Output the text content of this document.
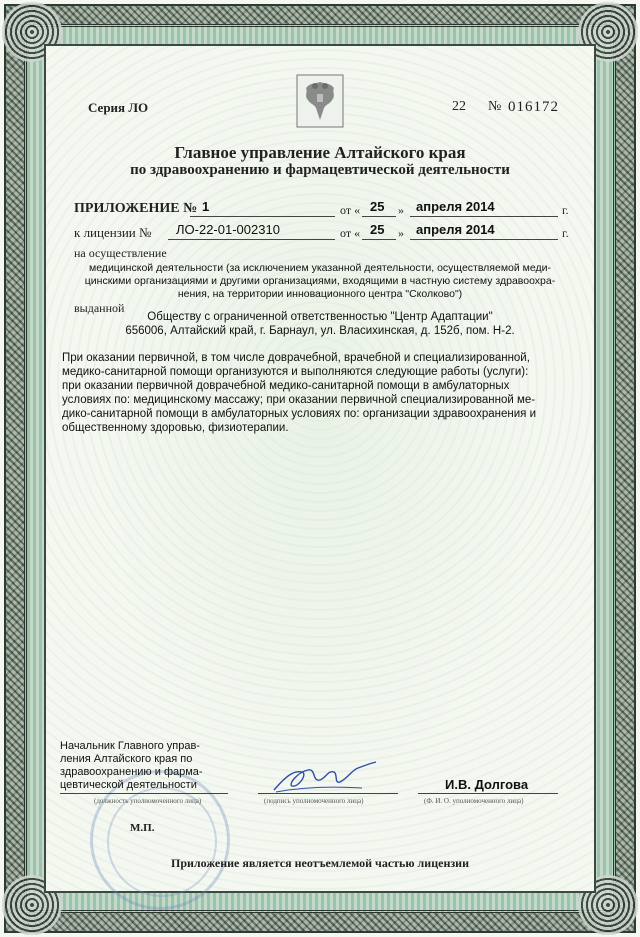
Серия ЛО	22 № 016172
Главное управление Алтайского края
по здравоохранению и фармацевтической деятельности
ПРИЛОЖЕНИЕ № 1	от « 25 » апреля 2014	г.
к лицензии № ЛО-22-01-002310	от « 25 » апреля 2014	г.
на осуществление
медицинской деятельности (за исключением указанной деятельности, осуществляемой меди-
цинскими организациями и другими организациями, входящими в частную систему здравоохра-
нения, на территории инновационного центра "Сколково")
выданной
Обществу с ограниченной ответственностью "Центр Адаптации"
656006, Алтайский край, г. Барнаул, ул. Власихинская, д. 152б, пом. Н-2.
При оказании первичной, в том числе доврачебной, врачебной и специализированной,
медико-санитарной помощи организуются и выполняются следующие работы (услуги):
при оказании первичной доврачебной медико-санитарной помощи в амбулаторных
условиях по: медицинскому массажу; при оказании первичной специализированной ме-
дико-санитарной помощи в амбулаторных условиях по: организации здравоохранения и
общественному здоровью, физиотерапии.
Начальник Главного управ-
ления Алтайского края по
здравоохранению и фарма-
цевтической деятельности
(должность уполномоченного лица)	(подпись уполномоченного лица)
И.В. Долгова
(Ф. И. О. уполномоченного лица)
М.П.
Приложение является неотъемлемой частью лицензии
